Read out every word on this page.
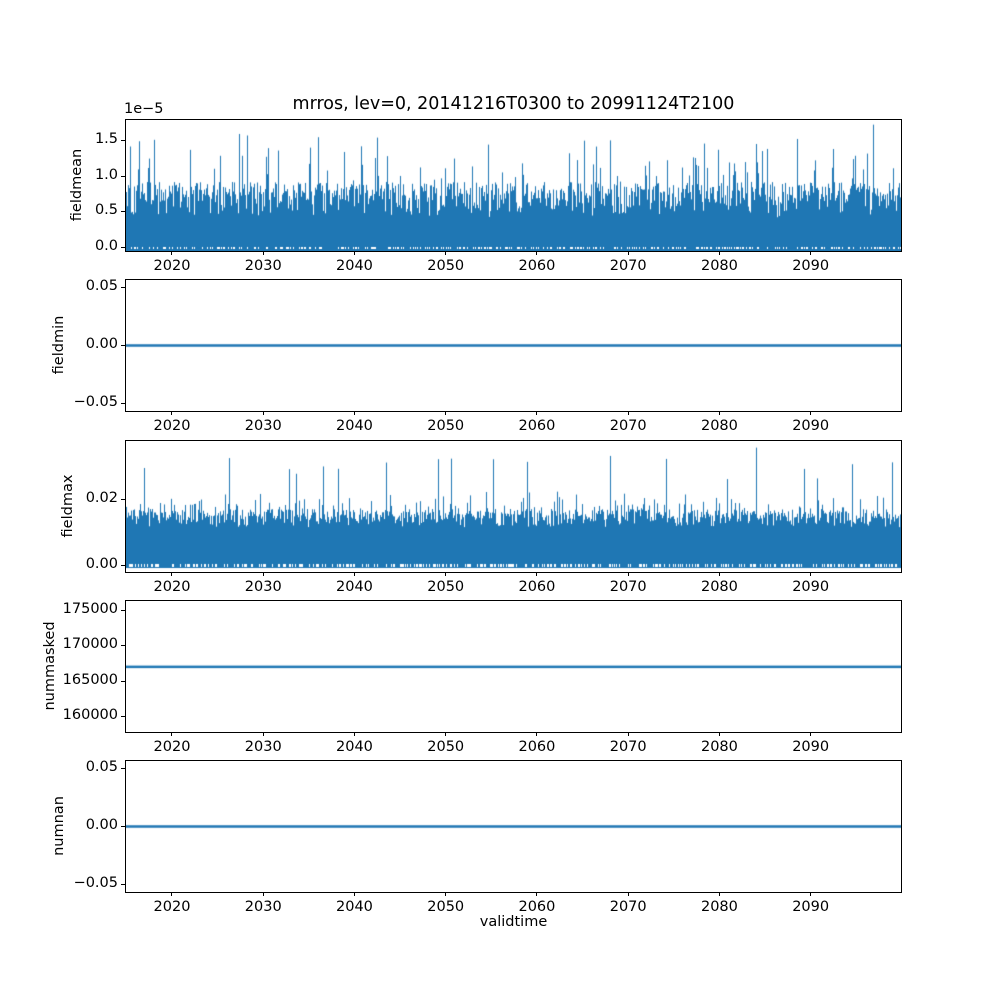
mrros, lev=0, 20141216T0300 to 20991124T2100
1e−5
fieldmean
fieldmin
fieldmax
nummasked
numnan
2020	2030	2040	2050	2060	2070	2080	2090
0.0
0.5
1.0
1.5
2020	2030	2040	2050	2060	2070	2080	2090
−0.05
0.00
0.05
2020	2030	2040	2050	2060	2070	2080	2090
0.00
0.02
2020	2030	2040	2050	2060	2070	2080	2090
160000
165000
170000
175000
2020	2030	2040	2050	2060	2070	2080	2090
−0.05
0.00
0.05
validtime
